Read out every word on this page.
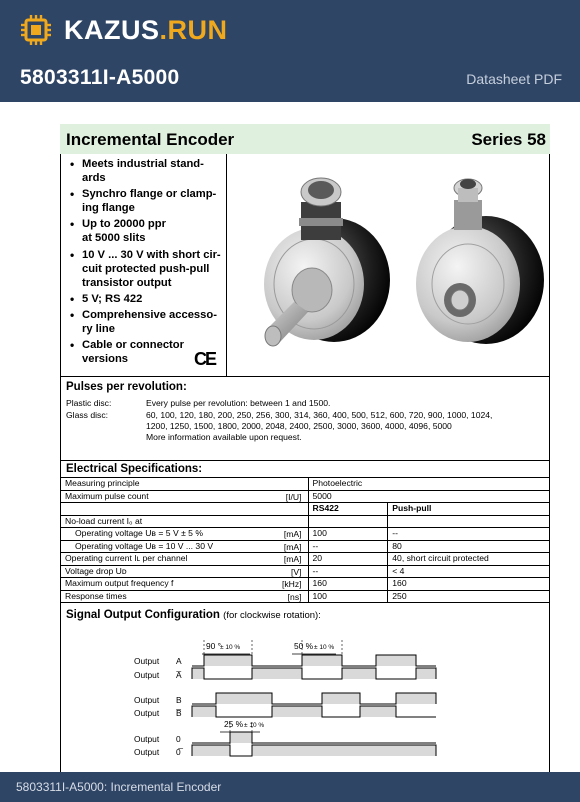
KAZUS.RUN
5803311I-A5000	Datasheet PDF
Incremental Encoder	Series 58
• Meets industrial stand-
ards
• Synchro flange or clamp-
ing flange
• Up to 20000 ppr
at 5000 slits
• 10 V ... 30 V with short cir-
cuit protected push-pull
transistor output
• 5 V; RS 422
• Comprehensive accesso-
ry line
• Cable or connector
versions	CE
Pulses per revolution:
Plastic disc:	Every pulse per revolution: between 1 and 1500.
Glass disc:	60, 100, 120, 180, 200, 250, 256, 300, 314, 360, 400, 500, 512, 600, 720, 900, 1000, 1024,
1200, 1250, 1500, 1800, 2000, 2048, 2400, 2500, 3000, 3600, 4000, 4096, 5000
More information available upon request.
Electrical Specifications:
Measuring principle	Photoelectric	
Maximum pulse count [I/U]	5000	
	RS422	Push-pull
No-load current I₀ at		
Operating voltage Uв = 5 V ± 5 % [mA]	100	--
Operating voltage Uв = 10 V ... 30 V [mA]	--	80
Operating current Iʟ per channel [mA]	20	40, short circuit protected
Voltage drop Uᴅ [V]	--	< 4
Maximum output frequency f [kHz]	160	160
Response times [ns]	100	250
Signal Output Configuration (for clockwise rotation):
Output A
Output A̅
Output B
Output B̅
Output 0
Output 0̅
90 ° ± 10 %	50 % ± 10 %
25 % ± 10 %
5803311I-A5000: Incremental Encoder
